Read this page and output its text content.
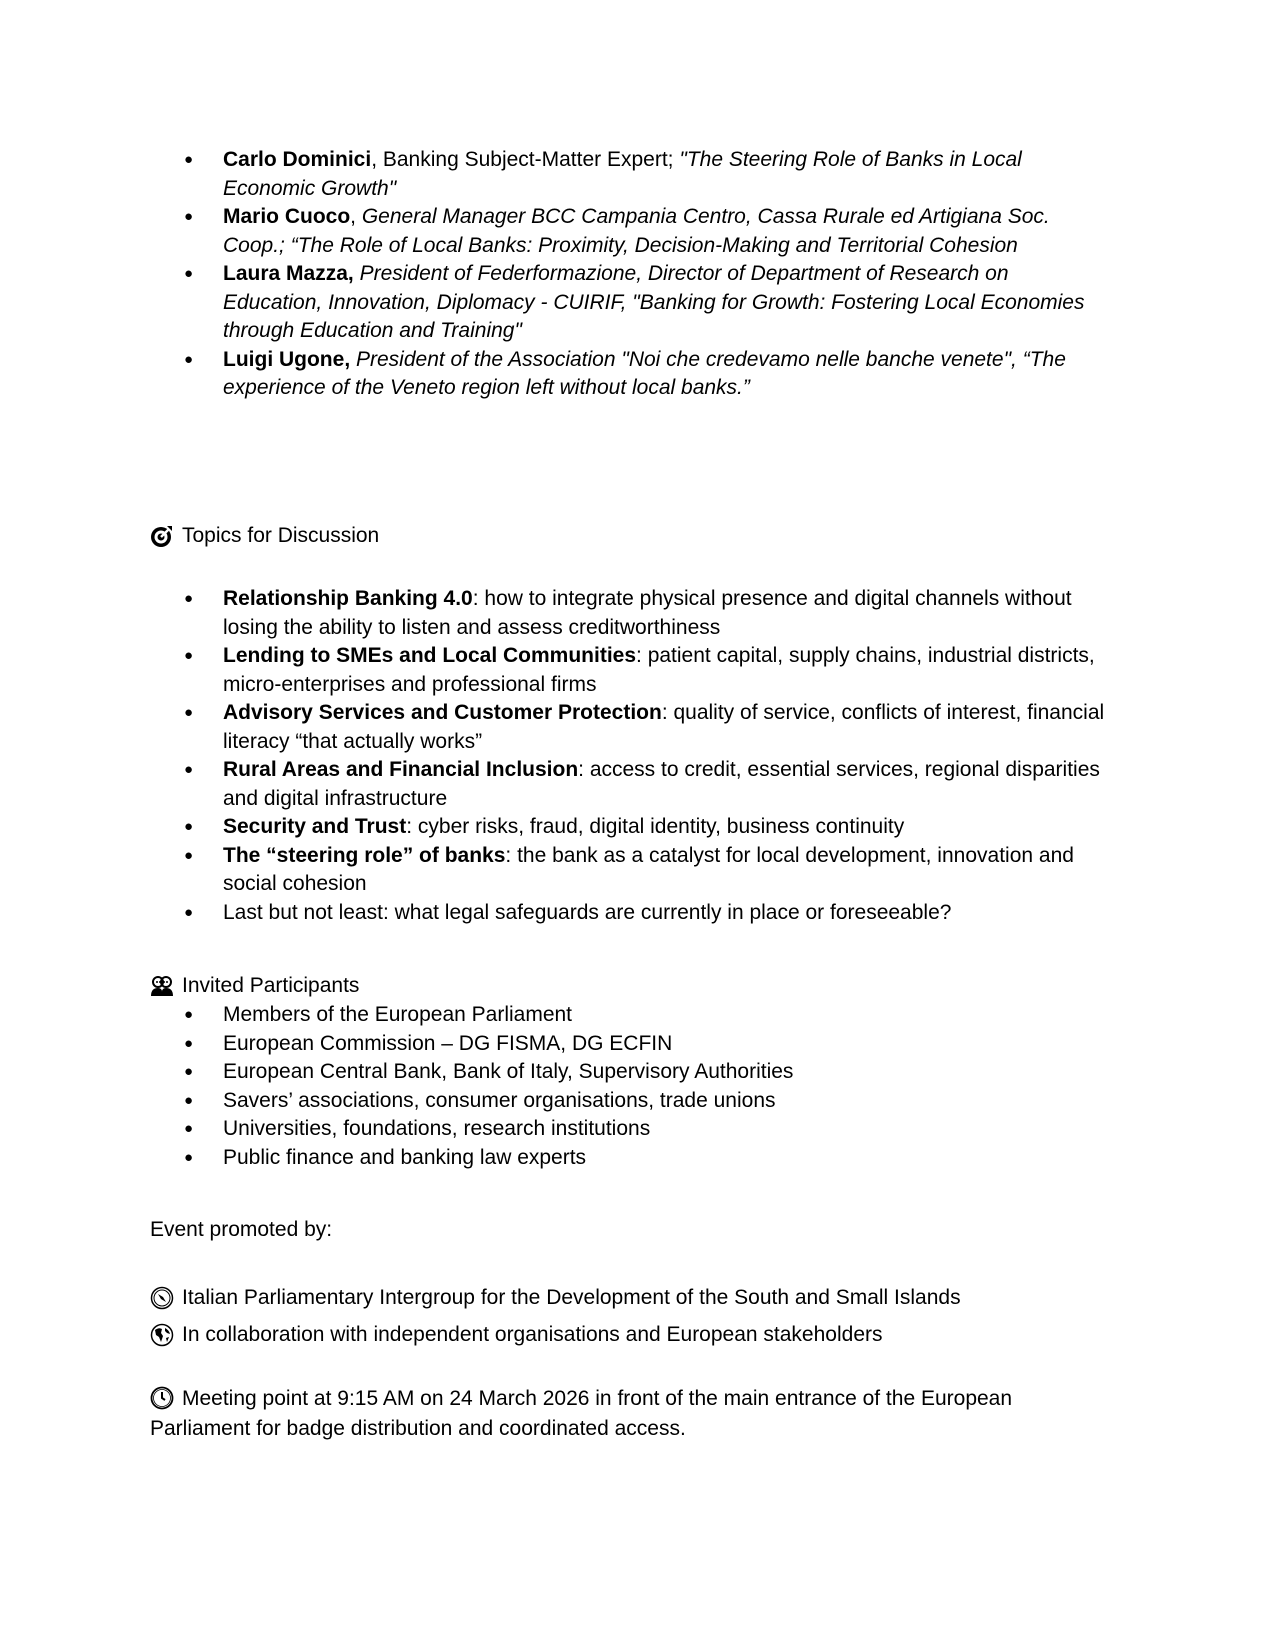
● Carlo Dominici, Banking Subject-Matter Expert; "The Steering Role of Banks in Local Economic Growth"
● Mario Cuoco, General Manager BCC Campania Centro, Cassa Rurale ed Artigiana Soc. Coop.; “The Role of Local Banks: Proximity, Decision-Making and Territorial Cohesion
● Laura Mazza, President of Federformazione, Director of Department of Research on Education, Innovation, Diplomacy - CUIRIF, "Banking for Growth: Fostering Local Economies through Education and Training"
● Luigi Ugone, President of the Association "Noi che credevamo nelle banche venete", “The experience of the Veneto region left without local banks.”
Topics for Discussion
● Relationship Banking 4.0: how to integrate physical presence and digital channels without losing the ability to listen and assess creditworthiness
● Lending to SMEs and Local Communities: patient capital, supply chains, industrial districts, micro-enterprises and professional firms
● Advisory Services and Customer Protection: quality of service, conflicts of interest, financial literacy “that actually works”
● Rural Areas and Financial Inclusion: access to credit, essential services, regional disparities and digital infrastructure
● Security and Trust: cyber risks, fraud, digital identity, business continuity
● The “steering role” of banks: the bank as a catalyst for local development, innovation and social cohesion
● Last but not least: what legal safeguards are currently in place or foreseeable?
Invited Participants
● Members of the European Parliament
● European Commission – DG FISMA, DG ECFIN
● European Central Bank, Bank of Italy, Supervisory Authorities
● Savers’ associations, consumer organisations, trade unions
● Universities, foundations, research institutions
● Public finance and banking law experts
Event promoted by:
Italian Parliamentary Intergroup for the Development of the South and Small Islands
In collaboration with independent organisations and European stakeholders
Meeting point at 9:15 AM on 24 March 2026 in front of the main entrance of the European Parliament for badge distribution and coordinated access.
